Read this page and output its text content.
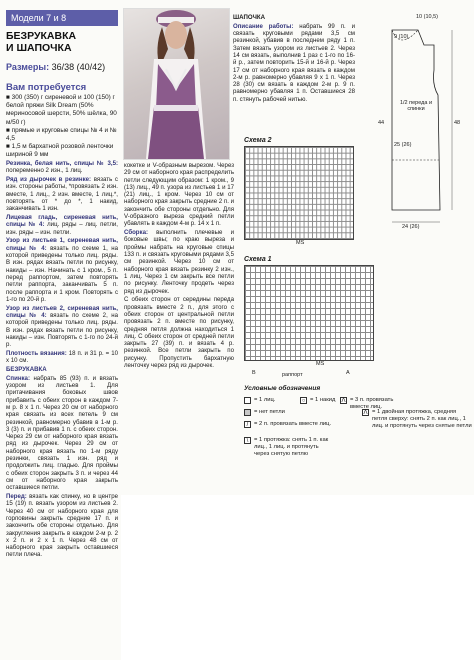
Модели 7 и 8
БЕЗРУКАВКА
И ШАПОЧКА
Размеры: 36/38 (40/42)
Вам потребуется

■ 300 (350) г сиреневой и 100 (150) г белой пряжи Silk Dream (50% мериносовой шерсти, 50% шёлка, 90 м/50 г)

■ прямые и круговые спицы № 4 и № 4,5

■ 1,5 м бархатной розовой ленточки шириной 9 мм

Резинка, белая нить, спицы № 3,5: попеременно 2 изн., 1 лиц.

Ряд из дырочек в резинке: вязать с изн. стороны работы, *провязать 2 изн. вместе, 1 лиц., 2 изн. вместе, 1 лиц.*, повторять от * до *, 1 накид, заканчивать 1 изн.

Лицевая гладь, сиреневая нить, спицы № 4: лиц. ряды – лиц. петли, изн. ряды – изн. петли.

Узор из листьев 1, сиреневая нить, спицы № 4: вязать по схеме 1, на которой приведены только лиц. ряды. В изн. рядах вязать петли по рисунку, накиды – изн. Начинать с 1 кром., 5 п. перед раппортом, затем повторять петли раппорта, заканчивать 5 п. после раппорта и 1 кром. Повторять с 1-го по 20-й р.

Узор из листьев 2, сиреневая нить, спицы № 4: вязать по схеме 2, на которой приведены только лиц. ряды. В изн. рядах вязать петли по рисунку, накиды – изн. Повторять с 1-го по 24-й р.

Плотность вязания: 18 п. и 31 р. = 10 x 10 см.

БЕЗРУКАВКА

Спинка: набрать 85 (93) п. и вязать узором из листьев 1. Для притачивания боковых швов прибавить с обеих сторон в каждом 7-м р. 8 x 1 п. Через 20 см от наборного края связать из всех петель 9 см резинкой, равномерно убавив в 1-м р. 3 (3) п. и прибавив 1 п. с обеих сторон. Через 29 см от наборного края вязать ряд из дырочек. Через 29 см от наборного края вязать по 1-м ряду резинки, связать 1 изн. ряд и продолжить лиц. гладью. Для проймы с обеих сторон закрыть 3 п. и через 44 см от наборного края закрыть оставшиеся петли.

Перед: вязать как спинку, но в центре 15 (19) п. вязать узором из листьев 2. Через 40 см от наборного края для горловины закрыть средние 17 п. и закончить обе стороны отдельно. Для закругления закрыть в каждом 2-м р. 2 x 2 п. и 2 x 1 п. Через 48 см от наборного края закрыть оставшиеся петли плеча.

кокетке и V-образным вырезом. Через 29 см от наборного края распределить петли следующим образом: 1 кром., 9 (13) лиц., 49 п. узора из листьев 1 и 17 (21) лиц., 1 кром. Через 10 см от наборного края закрыть средние 2 п. и закончить обе стороны отдельно. Для V-образного выреза средний петли убавлять в каждом 4-м р. 14 x 1 п.

Сборка: выполнить плечевые и боковые швы; по краю выреза и проймы набрать на круговые спицы 133 п. и связать круговыми рядами 3,5 см резинкой. Через 10 см от наборного края вязать резинку 2 изн., 1 лиц. Через 1 см закрыть все петли по рисунку. Ленточку продеть через ряд из дырочек.

С обеих сторон от середины переда провязать вместе 2 п., для этого с обеих сторон от центральной петли провязать 2 п. вместе по рисунку, средняя петля должна находиться 1 лиц. С обеих сторон от средней петли закрыть 27 (39) п. и вязать 4 р. резинкой. Все петли закрыть по рисунку. Пропустить бархатную ленточку через ряд из дырочек.

ШАПОЧКА

Описание работы: набрать 99 п. и связать круговыми рядами 3,5 см резинкой, убавив в последнем ряду 1 п. Затем вязать узором из листьев 2. Через 14 см вязать, выполнив 1 раз с 1-го по 16-й р., затем повторить 15-й и 16-й р. Через 17 см от наборного края вязать в каждом 2-м р. равномерно убавляя 9 x 1 п. Через 28 (30) см вязать в каждом 2-м р. 9 п. равномерно убавляя 1 п. Оставшиеся 28 п. стянуть рабочей нитью.

10 (10,5)
9 (10)
25 (26)
24 (26)
1/2 переда и спинки
48
44
Схема 2
MS
Схема 1
MS
B	A
раппорт
Условные обозначения
= 1 лиц.
= нет петли
○ = 1 накид
/ = 2 п. провязать вместе лиц.
\ = 1 протяжка: снять 1 п. как лиц., 1 лиц. и протянуть через снятую петлю
Λ = 1 двойная протяжка, средняя петля сверху: снять 2 п. как лиц., 1 лиц. и протянуть через снятые петли
Λ = 3 п. провязать вместе лиц.
